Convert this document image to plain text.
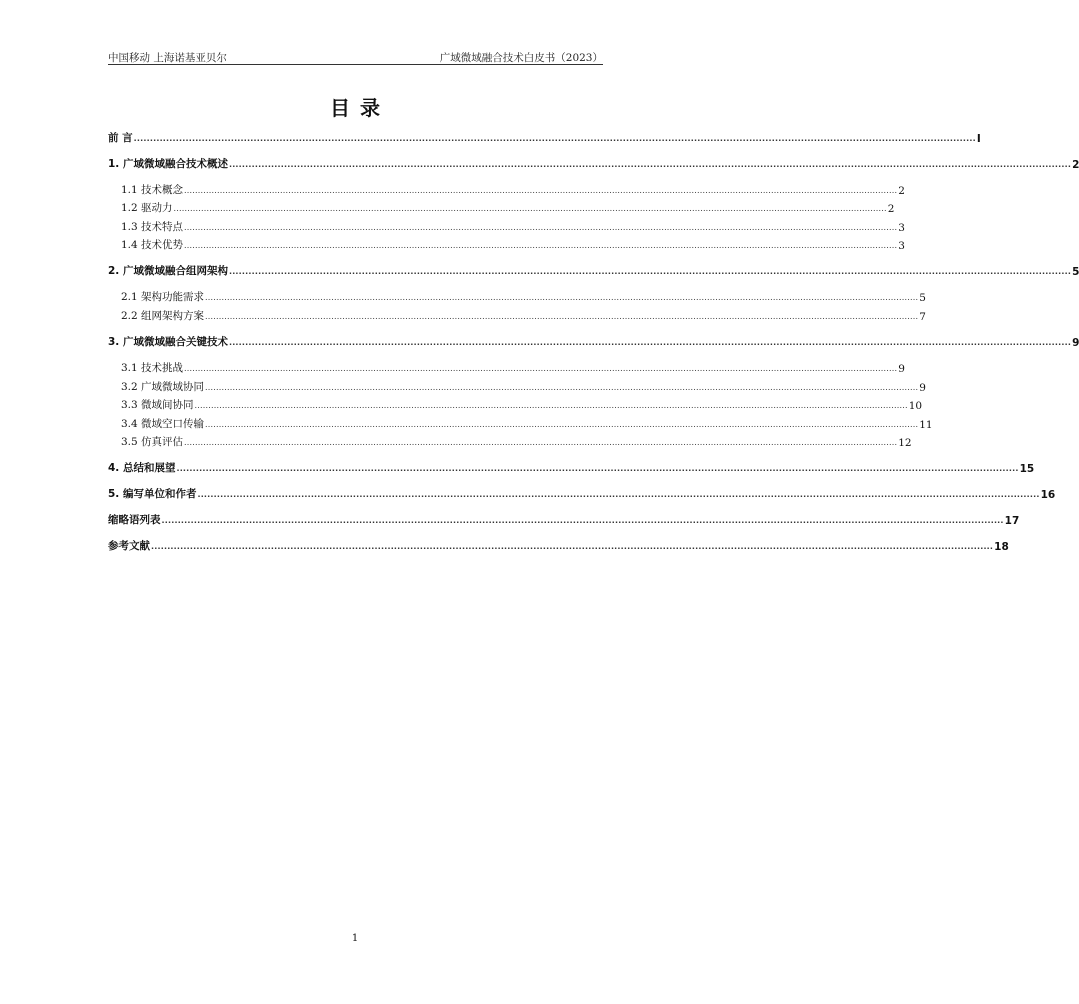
中国移动 上海诺基亚贝尔	广域微域融合技术白皮书（2023）
目录
前 言 .................................................................................................................................................................................................................................................................... I
1. 广域微域融合技术概述 .................................................................................................................................................................................................................................................................... 2
1.1 技术概念 .................................................................................................................................................................................................................................................................... 2
1.2 驱动力 .................................................................................................................................................................................................................................................................... 2
1.3 技术特点 .................................................................................................................................................................................................................................................................... 3
1.4 技术优势 .................................................................................................................................................................................................................................................................... 3
2. 广域微域融合组网架构 .................................................................................................................................................................................................................................................................... 5
2.1 架构功能需求 .................................................................................................................................................................................................................................................................... 5
2.2 组网架构方案 .................................................................................................................................................................................................................................................................... 7
3. 广域微域融合关键技术 .................................................................................................................................................................................................................................................................... 9
3.1 技术挑战 .................................................................................................................................................................................................................................................................... 9
3.2 广域微域协同 .................................................................................................................................................................................................................................................................... 9
3.3 微域间协同 .................................................................................................................................................................................................................................................................... 10
3.4 微域空口传输 .................................................................................................................................................................................................................................................................... 11
3.5 仿真评估 .................................................................................................................................................................................................................................................................... 12
4. 总结和展望 .................................................................................................................................................................................................................................................................... 15
5. 编写单位和作者 .................................................................................................................................................................................................................................................................... 16
缩略语列表 .................................................................................................................................................................................................................................................................... 17
参考文献 .................................................................................................................................................................................................................................................................... 18
1
